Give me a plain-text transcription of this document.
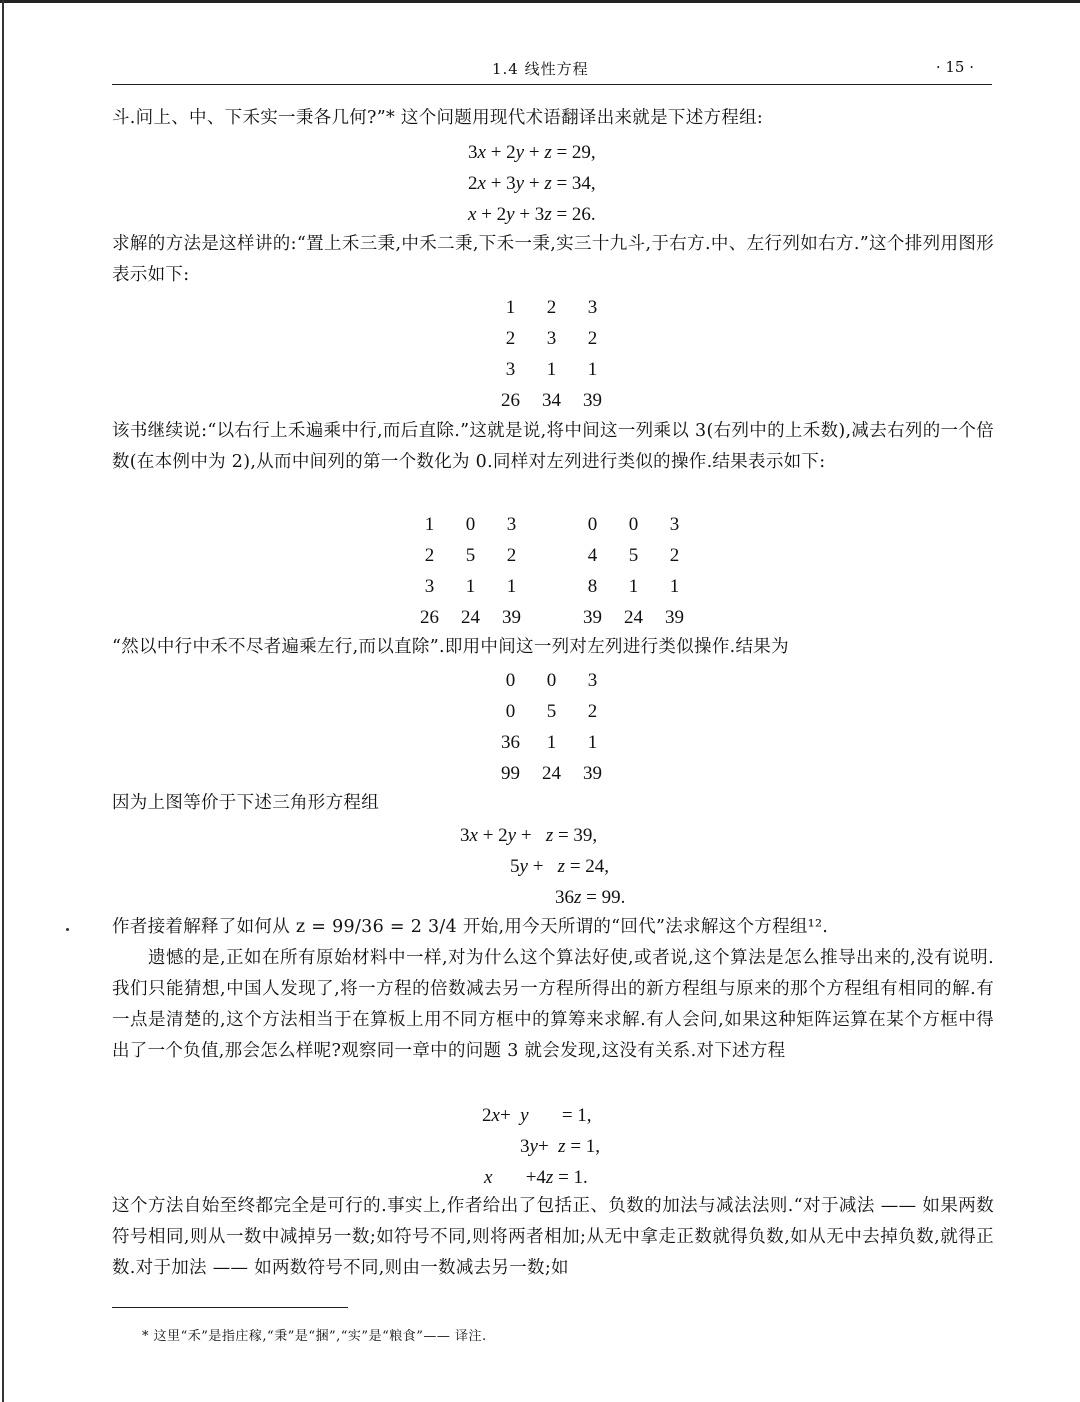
1.4 线性方程	· 15 ·
斗.问上、中、下禾实一秉各几何?”* 这个问题用现代术语翻译出来就是下述方程组:
3x + 2y + z = 29,
2x + 3y + z = 34,
x + 2y + 3z = 26.
求解的方法是这样讲的:“置上禾三秉,中禾二秉,下禾一秉,实三十九斗,于右方.中、左行列如右方.”这个排列用图形表示如下:
1	2	3
2	3	2
3	1	1
26	34	39
该书继续说:“以右行上禾遍乘中行,而后直除.”这就是说,将中间这一列乘以 3(右列中的上禾数),减去右列的一个倍数(在本例中为 2),从而中间列的第一个数化为 0.同样对左列进行类似的操作.结果表示如下:
1	0	3
2	5	2
3	1	1
26	24	39
0	0	3
4	5	2
8	1	1
39	24	39
“然以中行中禾不尽者遍乘左行,而以直除”.即用中间这一列对左列进行类似操作.结果为
0	0	3
0	5	2
36	1	1
99	24	39
因为上图等价于下述三角形方程组
3x + 2y +   z = 39,
5y +   z = 24,
36z = 99.
作者接着解释了如何从 z = 99/36 = 2 3/4 开始,用今天所谓的“回代”法求解这个方程组¹².
遗憾的是,正如在所有原始材料中一样,对为什么这个算法好使,或者说,这个算法是怎么推导出来的,没有说明.我们只能猜想,中国人发现了,将一方程的倍数减去另一方程所得出的新方程组与原来的那个方程组有相同的解.有一点是清楚的,这个方法相当于在算板上用不同方框中的算筹来求解.有人会问,如果这种矩阵运算在某个方框中得出了一个负值,那会怎么样呢?观察同一章中的问题 3 就会发现,这没有关系.对下述方程
2x+  y       = 1,
3y+  z = 1,
x       +4z = 1.
这个方法自始至终都完全是可行的.事实上,作者给出了包括正、负数的加法与减法法则.“对于减法 —— 如果两数符号相同,则从一数中减掉另一数;如符号不同,则将两者相加;从无中拿走正数就得负数,如从无中去掉负数,就得正数.对于加法 —— 如两数符号不同,则由一数减去另一数;如
* 这里“禾”是指庄稼,“秉”是“捆”,“实”是“粮食”—— 译注.
